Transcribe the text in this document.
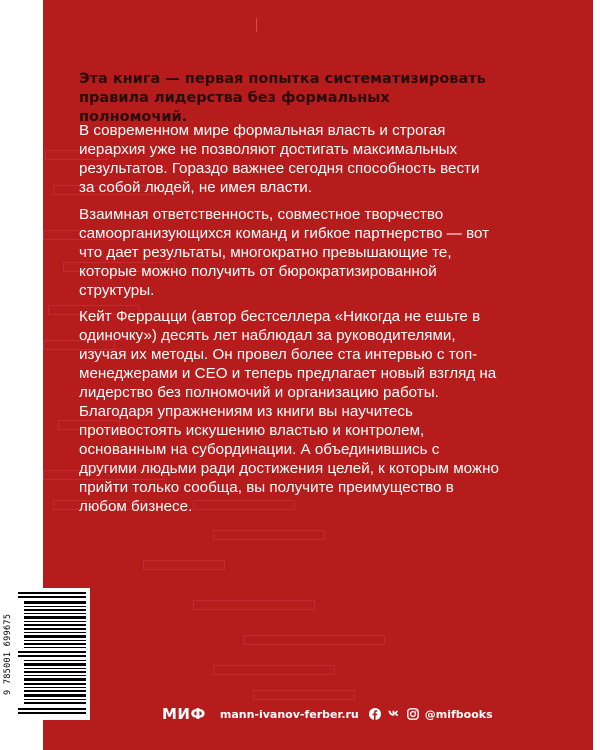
Эта книга — первая попытка систематизировать правила лидерства без формальных полномочий.
В современном мире формальная власть и строгая иерархия уже не позволяют достигать максимальных результатов. Гораздо важнее сегодня способность вести за собой людей, не имея власти.
Взаимная ответственность, совместное творчество самоорганизующихся команд и гибкое партнерство — вот что дает результаты, многократно превышающие те, которые можно получить от бюрократизированной структуры.
Кейт Феррацци (автор бестселлера «Никогда не ешьте в одиночку») десять лет наблюдал за руководителями, изучая их методы. Он провел более ста интервью с топ-менеджерами и CEO и теперь предлагает новый взгляд на лидерство без полномочий и организацию работы. Благодаря упражнениям из книги вы научитесь противостоять искушению властью и контролем, основанным на субординации. А объединившись с другими людьми ради достижения целей, к которым можно прийти только сообща, вы получите преимущество в любом бизнесе.
МИФ mann-ivanov-ferber.ru	@mifbooks
9 785001 699675
